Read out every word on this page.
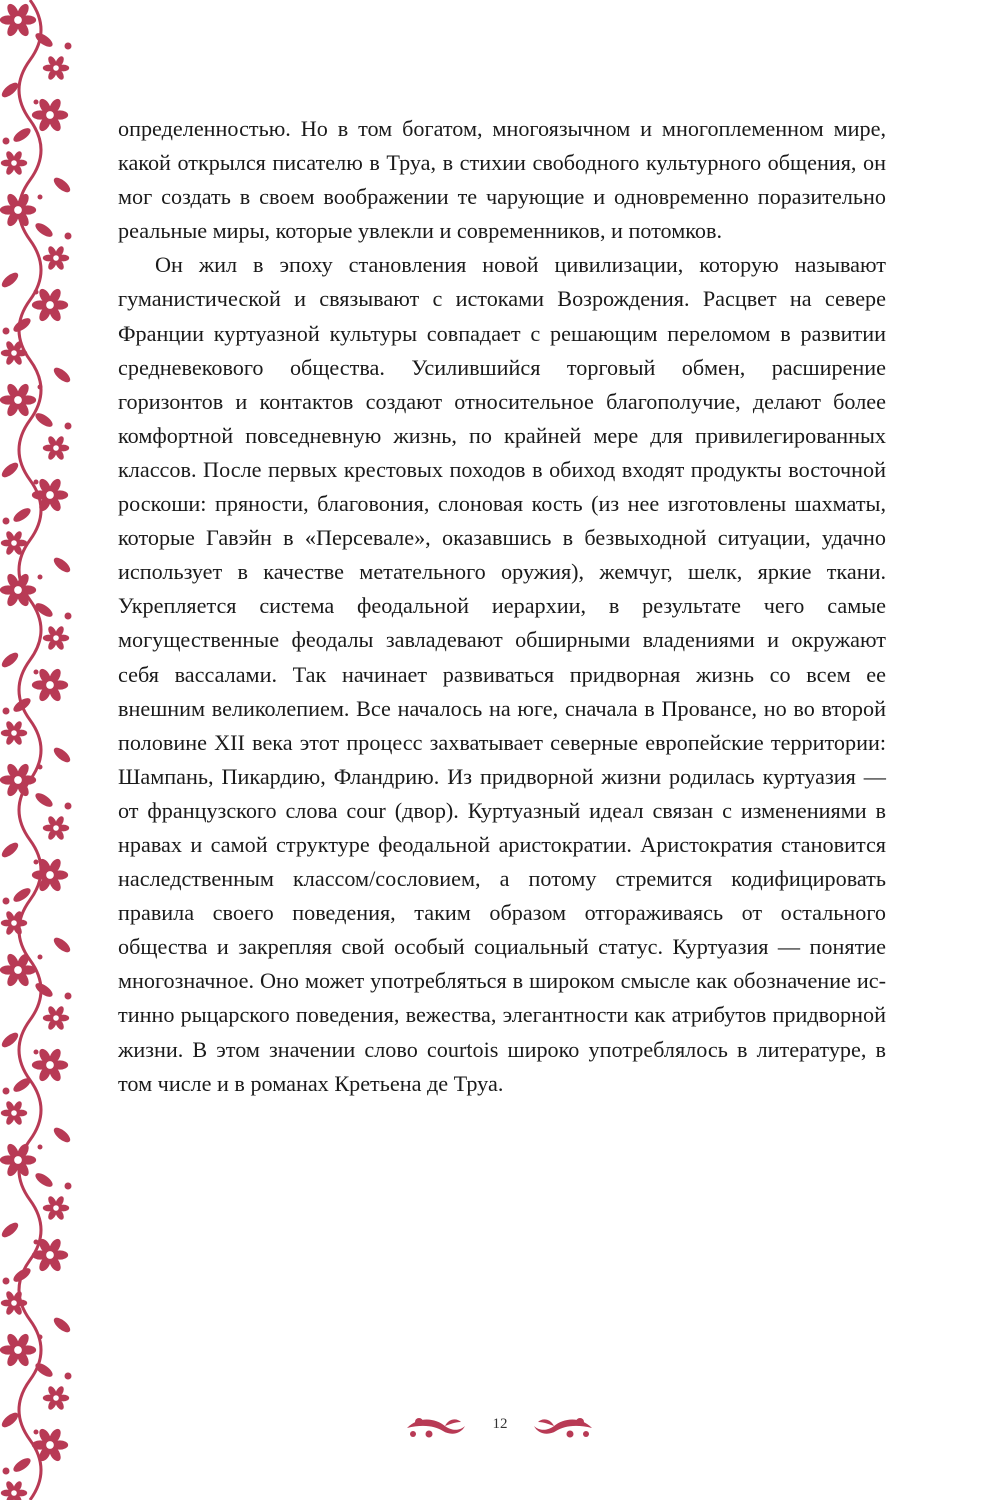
определенностью. Но в том богатом, многоязычном и многоплеменном мире, какой открылся писателю в Труа, в стихии свободного культурного общения, он мог создать в своем воображении те чарующие и одновременно поразительно реальные миры, которые увлекли и современников, и потомков.

Он жил в эпоху становления новой цивилизации, которую называют гуманистической и связывают с истоками Возрождения. Расцвет на севере Франции куртуазной культуры совпадает с решающим переломом в развитии средневекового общества. Усилившийся торговый обмен, расширение горизонтов и контактов создают относительное благополучие, делают более комфортной повседневную жизнь, по крайней мере для привилегированных классов. После первых крестовых походов в обиход входят продукты восточной роскоши: пряности, благовония, слоновая кость (из нее изготовлены шахматы, которые Гавэйн в «Персевале», оказавшись в безвыходной ситуации, удачно использует в качестве метательного оружия), жемчуг, шелк, яркие ткани. Укрепляется система феодальной иерархии, в результате чего самые могущественные феодалы завладевают обширными владениями и окружают себя вассалами. Так начинает развиваться придворная жизнь со всем ее внешним великолепием. Все началось на юге, сначала в Провансе, но во второй половине XII века этот процесс захватывает северные европейские территории: Шампань, Пикардию, Фландрию. Из придворной жизни родилась куртуазия — от французского слова cour (двор). Куртуазный идеал связан с изменениями в нравах и самой структуре феодальной аристократии. Аристократия становится наследственным классом/сословием, а потому стремится кодифицировать правила своего поведения, таким образом отгораживаясь от остального общества и закрепляя свой особый социальный статус. Куртуазия — понятие многозначное. Оно может употребляться в широком смысле как обозначение истинно рыцарского поведения, вежества, элегантности как атрибутов придворной жизни. В этом значении слово courtois широко употреблялось в литературе, в том числе и в романах Кретьена де Труа.

12
